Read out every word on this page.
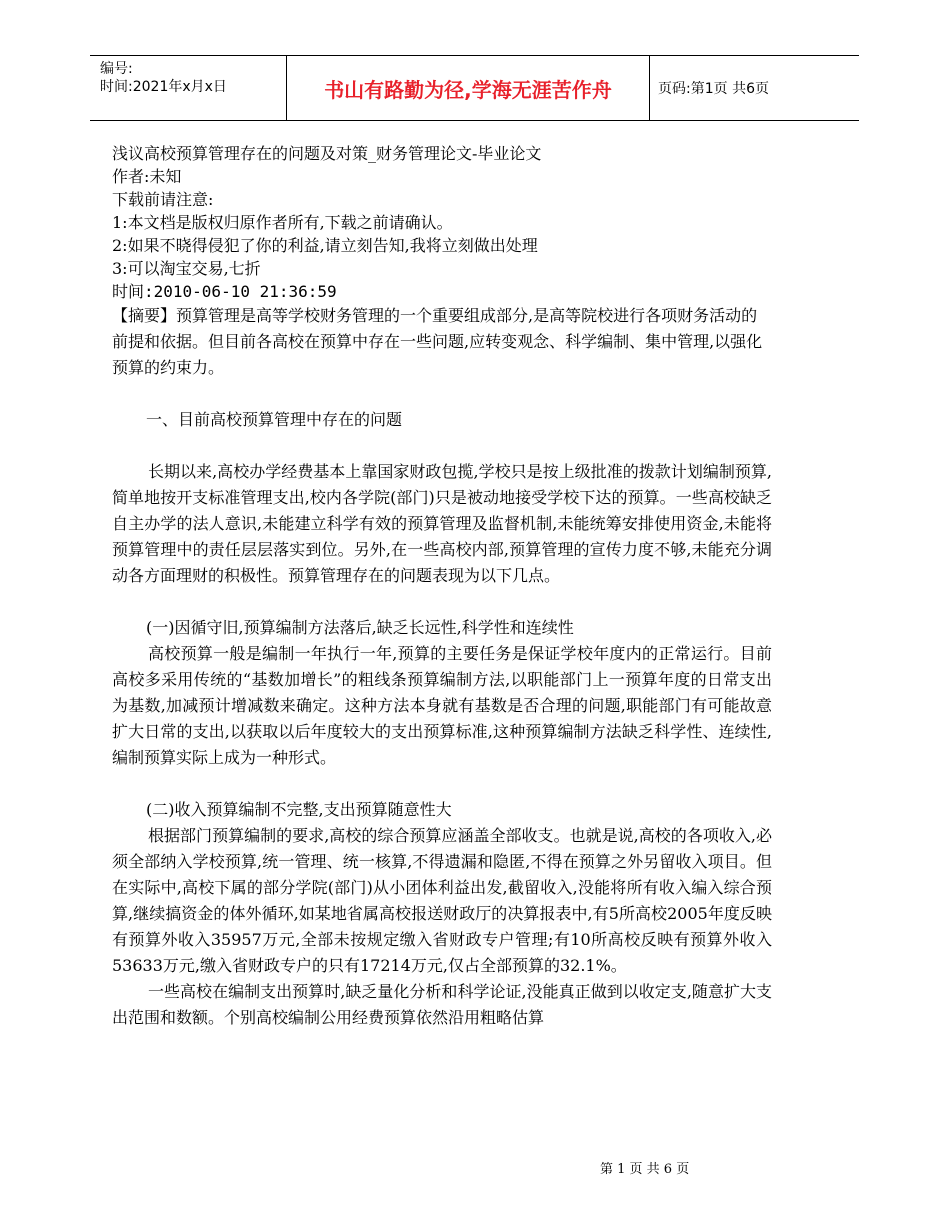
编号:
时间:2021年x月x日	书山有路勤为径,学海无涯苦作舟	页码:第1页 共6页
浅议高校预算管理存在的问题及对策_财务管理论文-毕业论文
作者:未知
下载前请注意:
1:本文档是版权归原作者所有,下载之前请确认。
2:如果不晓得侵犯了你的利益,请立刻告知,我将立刻做出处理
3:可以淘宝交易,七折
时间:2010-06-10 21:36:59

【摘要】预算管理是高等学校财务管理的一个重要组成部分,是高等院校进行各项财务活动的前提和依据。但目前各高校在预算中存在一些问题,应转变观念、科学编制、集中管理,以强化预算的约束力。

一、目前高校预算管理中存在的问题

长期以来,高校办学经费基本上靠国家财政包揽,学校只是按上级批准的拨款计划编制预算,简单地按开支标准管理支出,校内各学院(部门)只是被动地接受学校下达的预算。一些高校缺乏自主办学的法人意识,未能建立科学有效的预算管理及监督机制,未能统筹安排使用资金,未能将预算管理中的责任层层落实到位。另外,在一些高校内部,预算管理的宣传力度不够,未能充分调动各方面理财的积极性。预算管理存在的问题表现为以下几点。

(一)因循守旧,预算编制方法落后,缺乏长远性,科学性和连续性

高校预算一般是编制一年执行一年,预算的主要任务是保证学校年度内的正常运行。目前高校多采用传统的“基数加增长”的粗线条预算编制方法,以职能部门上一预算年度的日常支出为基数,加减预计增减数来确定。这种方法本身就有基数是否合理的问题,职能部门有可能故意扩大日常的支出,以获取以后年度较大的支出预算标准,这种预算编制方法缺乏科学性、连续性,编制预算实际上成为一种形式。

(二)收入预算编制不完整,支出预算随意性大

根据部门预算编制的要求,高校的综合预算应涵盖全部收支。也就是说,高校的各项收入,必须全部纳入学校预算,统一管理、统一核算,不得遗漏和隐匿,不得在预算之外另留收入项目。但在实际中,高校下属的部分学院(部门)从小团体利益出发,截留收入,没能将所有收入编入综合预算,继续搞资金的体外循环,如某地省属高校报送财政厅的决算报表中,有5所高校2005年度反映有预算外收入35957万元,全部未按规定缴入省财政专户管理;有10所高校反映有预算外收入53633万元,缴入省财政专户的只有17214万元,仅占全部预算的32.1%。

一些高校在编制支出预算时,缺乏量化分析和科学论证,没能真正做到以收定支,随意扩大支出范围和数额。个别高校编制公用经费预算依然沿用粗略估算

第 1 页 共 6 页
